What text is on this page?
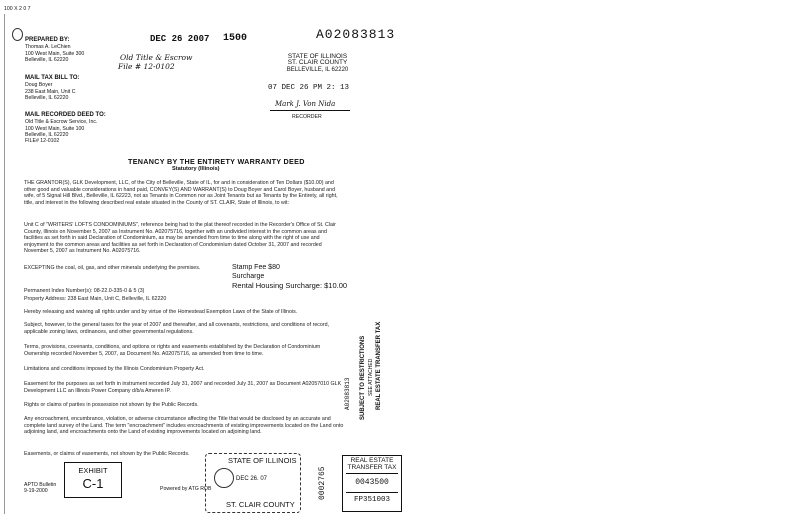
100 X 2 0 7
DEC 26 2007 1500	A02083813
PREPARED BY:
Thomas A. LeChien
100 West Main, Suite 300
Belleville, IL 62220	Old Title & Escrow
File # 12-0102
MAIL TAX BILL TO:
Doug Boyer
238 East Main, Unit C
Belleville, IL 62220
MAIL RECORDED DEED TO:
Old Title & Escrow Service, Inc.
100 West Main, Suite 100
Belleville, IL 62220
FILE# 12-0102
STATE OF ILLINOIS
ST. CLAIR COUNTY
BELLEVILLE, IL 62220
07 DEC 26 PM 2: 13
Mark J. Von Nida
RECORDER
TENANCY BY THE ENTIRETY WARRANTY DEED
Statutory (Illinois)
THE GRANTOR(S), GLK Development, LLC, of the City of Belleville, State of IL, for and in consideration of Ten Dollars ($10.00) and other good and valuable considerations in hand paid, CONVEY(S) AND WARRANT(S) to Doug Boyer and Carol Boyer, husband and wife, of 5 Signal Hill Blvd., Belleville, IL 62223, not as Tenants in Common nor as Joint Tenants but as Tenants by the Entirety, all right, title, and interest in the following described real estate situated in the County of ST. CLAIR, State of Illinois, to wit:
Unit C of "WRITERS' LOFTS CONDOMINIUMS", reference being had to the plat thereof recorded in the Recorder's Office of St. Clair County, Illinois on November 5, 2007 as Instrument No. A02075716, together with an undivided interest in the common areas and facilities as set forth in said Declaration of Condominium, as may be amended from time to time along with the right of use and enjoyment to the common areas and facilities as set forth in Declaration of Condominium dated October 31, 2007 and recorded November 5, 2007 as Instrument No. A02075716.
EXCEPTING the coal, oil, gas, and other minerals underlying the premises.	Stamp Fee $80
Surcharge
Rental Housing Surcharge: $10.00
Permanent Index Number(s): 08-22.0-335-0 & 5 (3)
Property Address: 238 East Main, Unit C, Belleville, IL 62220
Hereby releasing and waiving all rights under and by virtue of the Homestead Exemption Laws of the State of Illinois.
Subject, however, to the general taxes for the year of 2007 and thereafter, and all covenants, restrictions, and conditions of record, applicable zoning laws, ordinances, and other governmental regulations.
Terms, provisions, covenants, conditions, and options or rights and easements established by the Declaration of Condominium Ownership recorded November 5, 2007, as Document No. A02075716, as amended from time to time.
Limitations and conditions imposed by the Illinois Condominium Property Act.
Easement for the purposes as set forth in instrument recorded July 31, 2007 and recorded July 31, 2007 as Document A02057010 GLK Development LLC an Illinois Power Company d/b/a Ameren IP.
Rights or claims of parties in possession not shown by the Public Records.
Any encroachment, encumbrance, violation, or adverse circumstance affecting the Title that would be disclosed by an accurate and complete land survey of the Land. The term "encroachment" includes encroachments of existing improvements located on the Land onto adjoining land, and encroachments onto the Land of existing improvements located on adjoining land.
Easements, or claims of easements, not shown by the Public Records.
EXHIBIT
C-1
APTD Bulletin
9-19-2000	Powered by ATG ROB
STATE OF ILLINOIS
DEC 26. 07
ST. CLAIR COUNTY
0002765
REAL ESTATE
TRANSFER TAX
0043500
FP351003
REAL ESTATE TRANSFER TAX
SUBJECT TO RESTRICTIONS
A02083813	SEE ATTACHED
